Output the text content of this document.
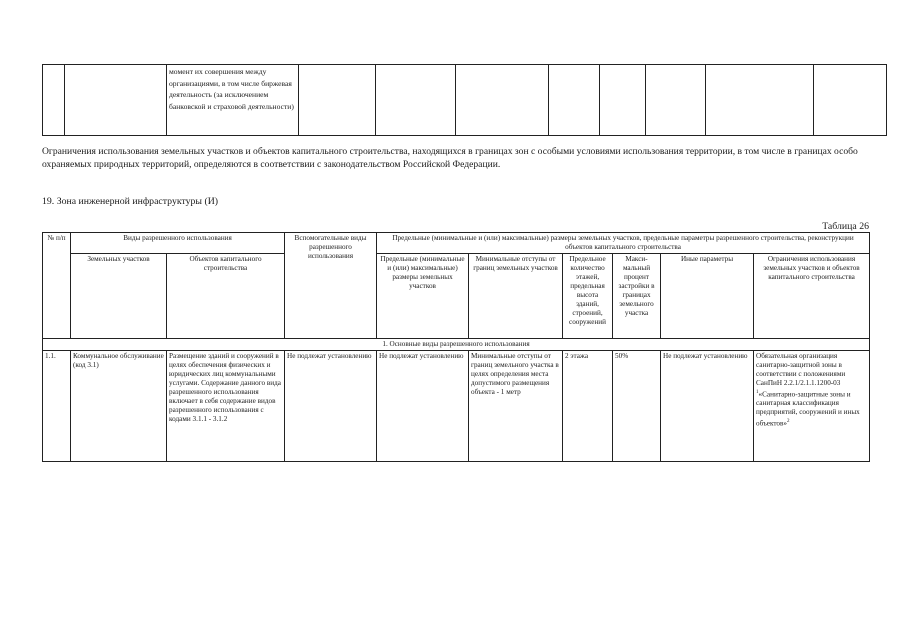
		момент их совершения между организациями, в том числе биржевая деятельность (за исключением банковской и страховой деятельности)								

Ограничения использования земельных участков и объектов капитального строительства, находящихся в границах зон с особыми условиями использования территории, в том числе в границах особо охраняемых природных территорий, определяются в соответствии с законодательством Российской Федерации.

19. Зона инженерной инфраструктуры (И)

Таблица 26

№ п/п	Виды разрешенного использования		Вспомогательные виды разрешенного использования	Предельные (минимальные и (или) максимальные) размеры земельных участков, предельные параметры разрешенного строительства, реконструкции объектов капитального строительства					
	Земельных участков	Объектов капитального строительства		Предельные (минимальные и (или) максимальные) размеры земельных участков	Минимальные отступы от границ земельных участков	Предельное количество этажей, предельная высота зданий, строений, сооружений	Макси-мальный процент застройки в границах земельного участка	Иные параметры	Ограничения использования земельных участков и объектов капитального строительства
1. Основные виды разрешенного использования									
1.1.	Коммунальное обслуживание (код 3.1)	Размещение зданий и сооружений в целях обеспечения физических и юридических лиц коммунальными услугами. Содержание данного вида разрешенного использования включает в себя содержание видов разрешенного использования с кодами 3.1.1 - 3.1.2	Не подлежат установлению	Не подлежат установлению	Минимальные отступы от границ земельного участка в целях определения места допустимого размещения объекта - 1 метр	2 этажа	50%	Не подлежат установлению	Обязательная организация санитарно-защитной зоны в соответствии с положениями СанПиН 2.2.1/2.1.1.1200-03 $^1$«Санитарно-защитные зоны и санитарная классификация предприятий, сооружений и иных объектов»$^2$
